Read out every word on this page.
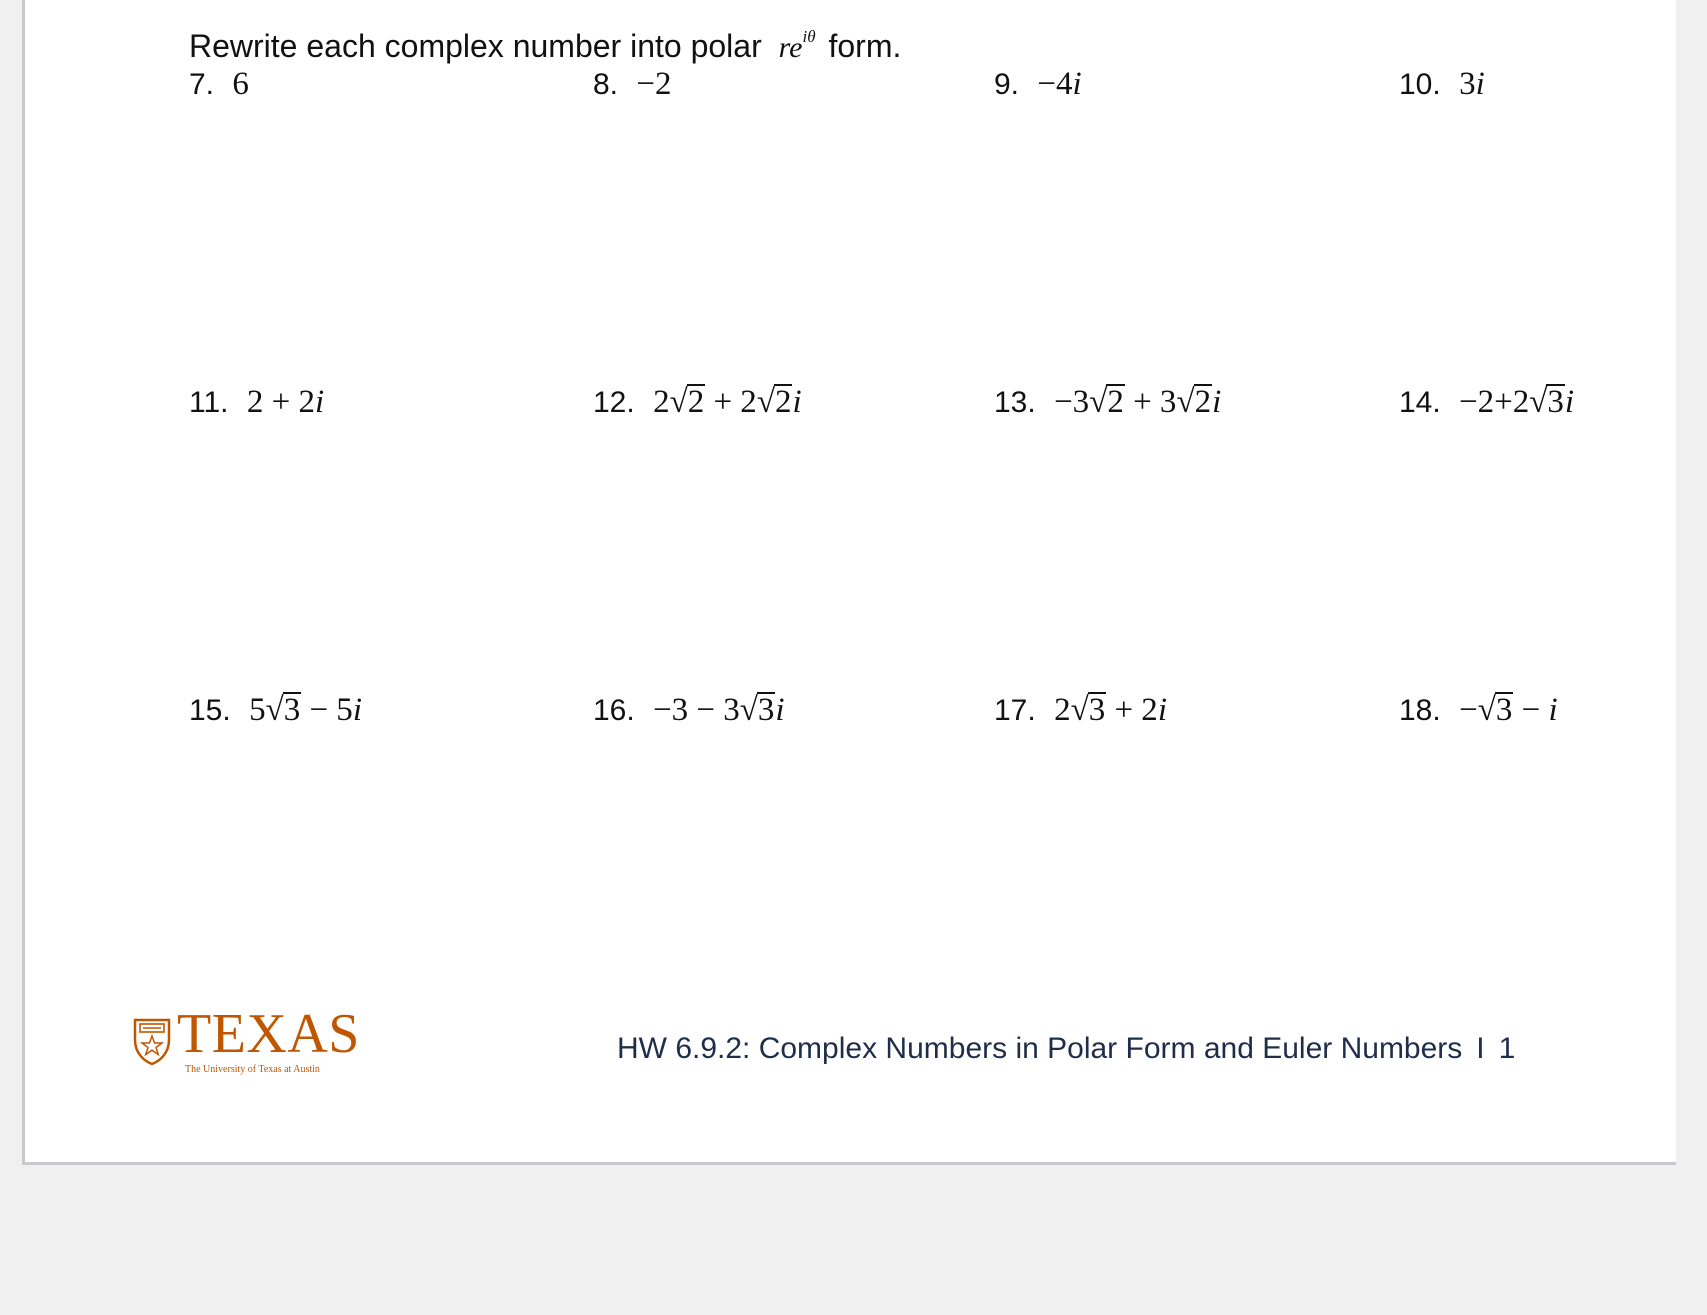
Rewrite each complex number into polar $re^{i\theta}$ form.
7. 6	8. −2	9. −4i	10. 3i
11. 2 + 2i	12. 2√2 + 2√2i	13. −3√2 + 3√2i	14. −2+2√3i
15. 5√3 − 5i	16. −3 − 3√3i	17. 2√3 + 2i	18. −√3 − i
TEXAS
The University of Texas at Austin
HW 6.9.2: Complex Numbers in Polar Form and Euler Numbers I 1
